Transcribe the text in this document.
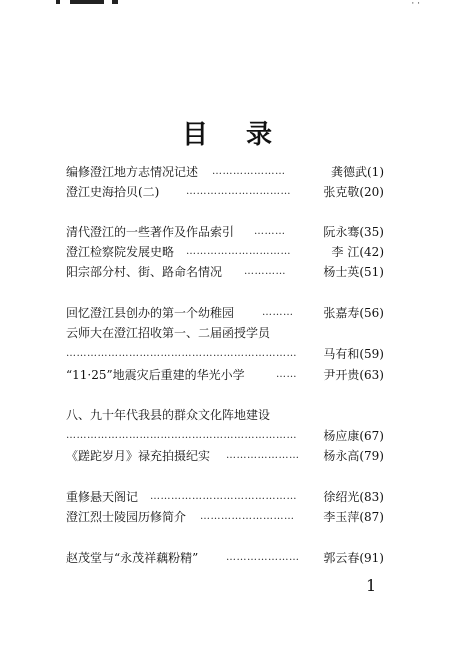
· ·
目 录
编修澄江地方志情况记述 …………………	龚德武(1)
澄江史海拾贝(二)	…………………………	张克敬(20)
清代澄江的一些著作及作品索引 ………	阮永骞(35)
澄江检察院发展史略 …………………………	李 江(42)
阳宗部分村、街、路命名情况 …………	杨士英(51)
回忆澄江县创办的第一个幼稚园	……… 张嘉寿(56)
云师大在澄江招收第一、二届函授学员
………………………………………………………… 马有和(59)
“11·25”地震灾后重建的华光小学	…… 尹开贵(63)
八、九十年代我县的群众文化阵地建设
………………………………………………………… 杨应康(67)
《蹉跎岁月》禄充拍摄纪实 ………………… 杨永高(79)
重修悬天阁记 …………………………………… 徐绍光(83)
澄江烈士陵园历修简介 ……………………… 李玉萍(87)
赵茂堂与“永茂祥藕粉精”	………………… 郭云春(91)
1
